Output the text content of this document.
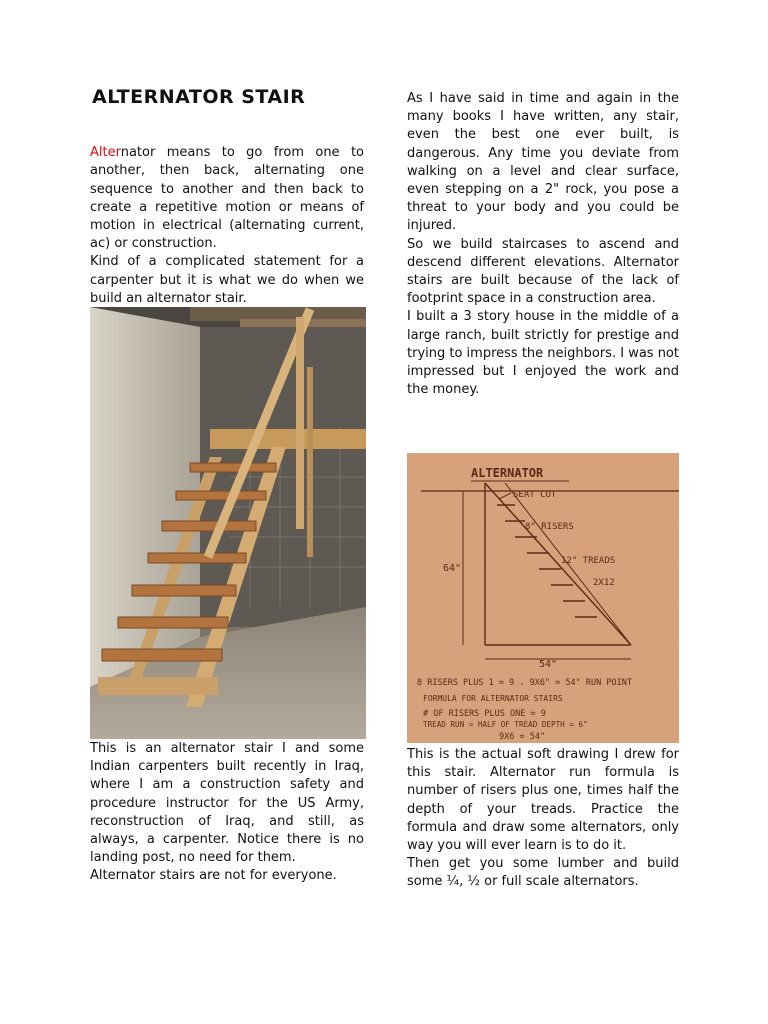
ALTERNATOR STAIR

Alternator means to go from one to another, then back, alternating one sequence to another and then back to create a repetitive motion or means of motion in electrical (alternating current, ac) or construction.

Kind of a complicated statement for a carpenter but it is what we do when we build an alternator stair.

As I have said in time and again in the many books I have written, any stair, even the best one ever built, is dangerous. Any time you deviate from walking on a level and clear surface, even stepping on a 2" rock, you pose a threat to your body and you could be injured.

So we build staircases to ascend and descend different elevations. Alternator stairs are built because of the lack of footprint space in a construction area.

I built a 3 story house in the middle of a large ranch, built strictly for prestige and trying to impress the neighbors. I was not impressed but I enjoyed the work and the money.

ALTERNATOR
64"
SEAT CUT
8" RISERS
12" TREADS
2X12
54"
8 RISERS PLUS 1 = 9 . 9X6" = 54" RUN POINT
FORMULA FOR ALTERNATOR STAIRS
# OF RISERS PLUS ONE = 9
TREAD RUN = HALF OF TREAD DEPTH = 6"
9X6 = 54"

This is an alternator stair I and some Indian carpenters built recently in Iraq, where I am a construction safety and procedure instructor for the US Army, reconstruction of Iraq, and still, as always, a carpenter. Notice there is no landing post, no need for them.

Alternator stairs are not for everyone.

This is the actual soft drawing I drew for this stair. Alternator run formula is number of risers plus one, times half the depth of your treads. Practice the formula and draw some alternators, only way you will ever learn is to do it.

Then get you some lumber and build some ¼, ½ or full scale alternators.
